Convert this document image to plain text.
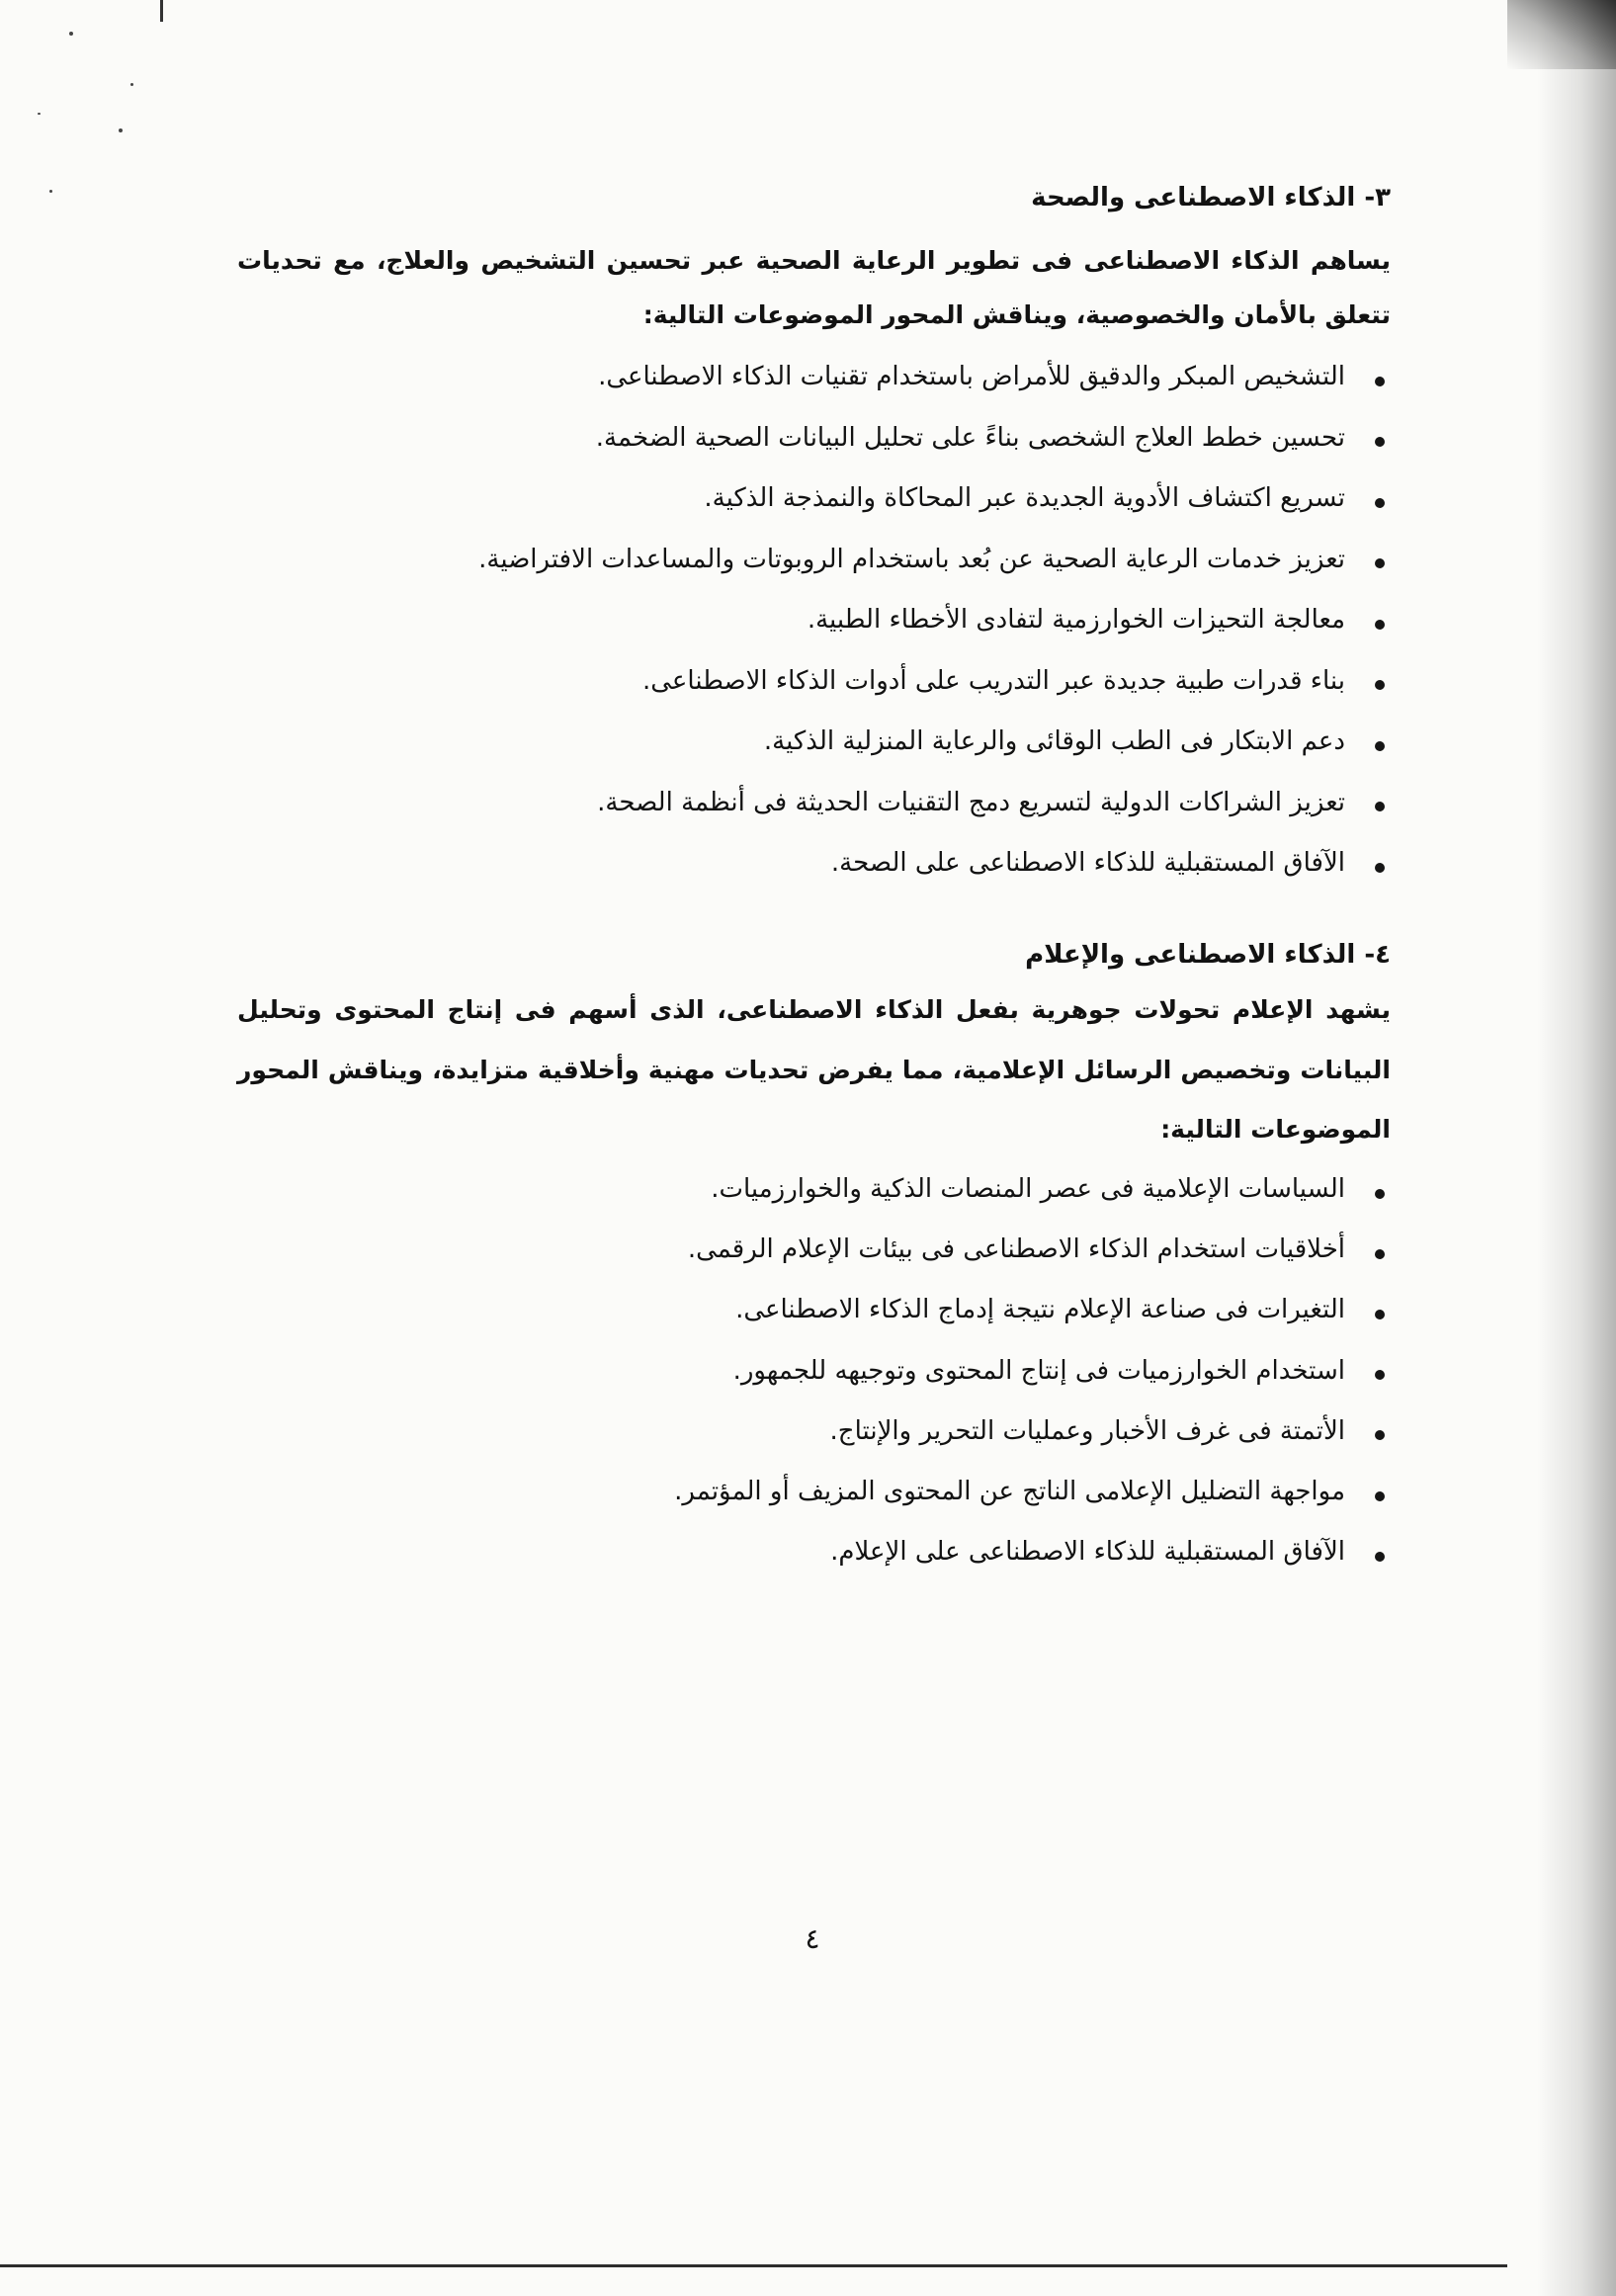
٣- الذكاء الاصطناعى والصحة
يساهم الذكاء الاصطناعى فى تطوير الرعاية الصحية عبر تحسين التشخيص والعلاج، مع تحديات
تتعلق بالأمان والخصوصية، ويناقش المحور الموضوعات التالية:
التشخيص المبكر والدقيق للأمراض باستخدام تقنيات الذكاء الاصطناعى.
تحسين خطط العلاج الشخصى بناءً على تحليل البيانات الصحية الضخمة.
تسريع اكتشاف الأدوية الجديدة عبر المحاكاة والنمذجة الذكية.
تعزيز خدمات الرعاية الصحية عن بُعد باستخدام الروبوتات والمساعدات الافتراضية.
معالجة التحيزات الخوارزمية لتفادى الأخطاء الطبية.
بناء قدرات طبية جديدة عبر التدريب على أدوات الذكاء الاصطناعى.
دعم الابتكار فى الطب الوقائى والرعاية المنزلية الذكية.
تعزيز الشراكات الدولية لتسريع دمج التقنيات الحديثة فى أنظمة الصحة.
الآفاق المستقبلية للذكاء الاصطناعى على الصحة.
٤- الذكاء الاصطناعى والإعلام
يشهد الإعلام تحولات جوهرية بفعل الذكاء الاصطناعى، الذى أسهم فى إنتاج المحتوى وتحليل
البيانات وتخصيص الرسائل الإعلامية، مما يفرض تحديات مهنية وأخلاقية متزايدة، ويناقش المحور
الموضوعات التالية:
السياسات الإعلامية فى عصر المنصات الذكية والخوارزميات.
أخلاقيات استخدام الذكاء الاصطناعى فى بيئات الإعلام الرقمى.
التغيرات فى صناعة الإعلام نتيجة إدماج الذكاء الاصطناعى.
استخدام الخوارزميات فى إنتاج المحتوى وتوجيهه للجمهور.
الأتمتة فى غرف الأخبار وعمليات التحرير والإنتاج.
مواجهة التضليل الإعلامى الناتج عن المحتوى المزيف أو المؤتمر.
الآفاق المستقبلية للذكاء الاصطناعى على الإعلام.
٤
